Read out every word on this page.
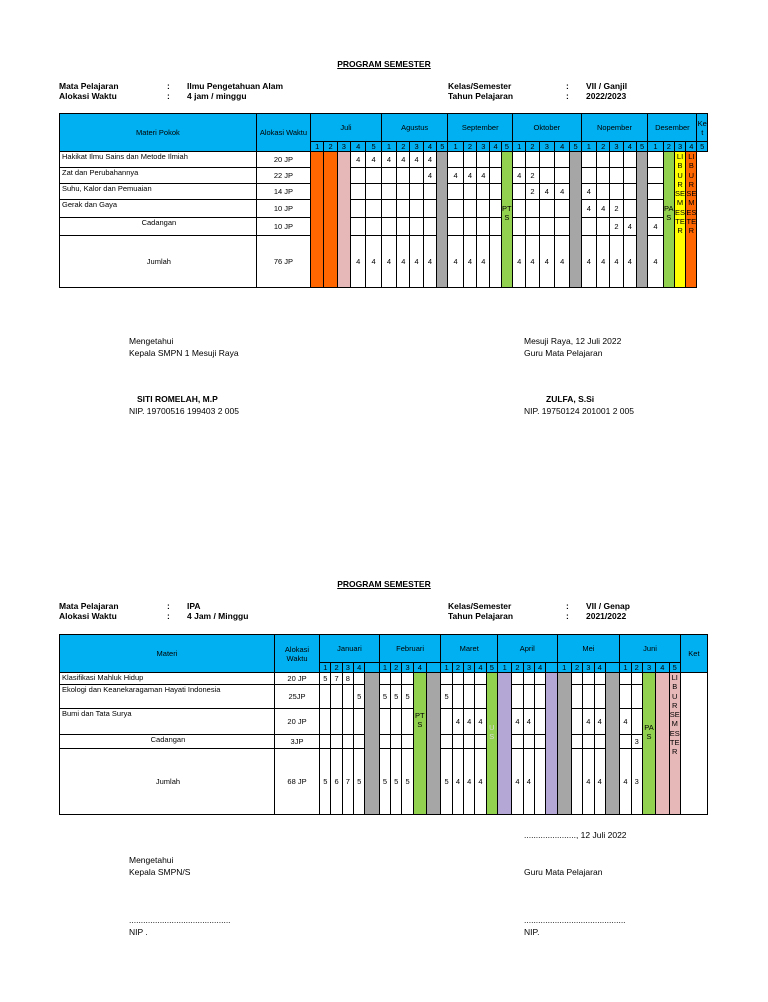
PROGRAM SEMESTER
Mata Pelajaran	:	Ilmu Pengetahuan Alam
Alokasi Waktu	:	4 jam / minggu
Kelas/Semester	:	VII / Ganjil
Tahun Pelajaran	:	2022/2023
Materi Pokok	Alokasi Waktu	Juli					Agustus					September					Oktober					Nopember					Desember				Ket
		1	2	3	4	5	1	2	3	4	5	1	2	3	4	5	1	2	3	4	5	1	2	3	4	5	1	2	3	4	5
Hakikat Ilmu Sains dan Metode Ilmiah	20 JP				4	4	4	4	4	4						PTS												PAS	LIBUR SEMESTER	LIBUR SEMESTER	
Zat dan Perubahannya	22 JP									4		4	4	4			4	2													
Suhu, Kalor dan Pemuaian	14 JP																	2	4	4		4									
Gerak dan Gaya	10 JP																					4	4	2							
Cadangan	10 JP																							2	4		4				
Jumlah	76 JP				4	4	4	4	4	4		4	4	4			4	4	4	4		4	4	4	4		4				
Mengetahui
Kepala SMPN 1 Mesuji Raya
SITI ROMELAH, M.P
NIP. 19700516 199403 2 005
Mesuji Raya, 12 Juli 2022
Guru Mata Pelajaran
ZULFA, S.Si
NIP. 19750124 201001 2 005
PROGRAM SEMESTER
Mata Pelajaran	:	IPA
Alokasi Waktu	:	4 Jam / Minggu
Kelas/Semester	:	VII / Genap
Tahun Pelajaran	:	2021/2022
Materi	Alokasi Waktu	Januari					Februari					Maret					April					Mei					Juni					Ket
		1	2	3	4		1	2	3	4		1	2	3	4	5	1	2	3	4		1	2	3	4		1	2	3	4	5	
Klasifikasi Mahluk Hidup	20 JP	5	7	8						PTS						US													PAS		LIBUR SEMESTER	
Ekologi dan Keanekaragaman Hayati Indonesia	25JP				5		5	5	5			5																				
Bumi dan Tata Surya	20 JP												4	4	4			4	4					4	4		4					
Cadangan	3JP																											3				
Jumlah	68 JP	5	6	7	5		5	5	5			5	4	4	4			4	4					4	4		4	3				
......................, 12 Juli 2022
Mengetahui
Kepala SMPN/S	Guru Mata Pelajaran
...........................................
NIP .
...........................................
NIP.
